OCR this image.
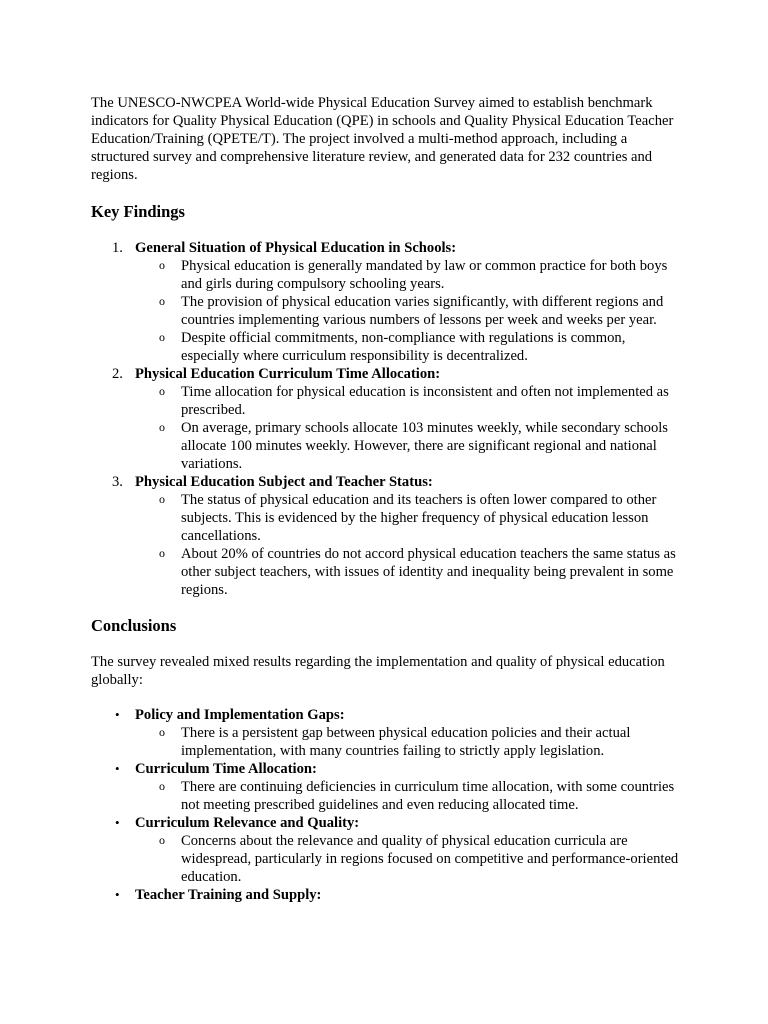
The UNESCO-NWCPEA World-wide Physical Education Survey aimed to establish benchmark indicators for Quality Physical Education (QPE) in schools and Quality Physical Education Teacher Education/Training (QPETE/T). The project involved a multi-method approach, including a structured survey and comprehensive literature review, and generated data for 232 countries and regions.

Key Findings
1. General Situation of Physical Education in Schools:
o Physical education is generally mandated by law or common practice for both boys and girls during compulsory schooling years.
o The provision of physical education varies significantly, with different regions and countries implementing various numbers of lessons per week and weeks per year.
o Despite official commitments, non-compliance with regulations is common, especially where curriculum responsibility is decentralized.
2. Physical Education Curriculum Time Allocation:
o Time allocation for physical education is inconsistent and often not implemented as prescribed.
o On average, primary schools allocate 103 minutes weekly, while secondary schools allocate 100 minutes weekly. However, there are significant regional and national variations.
3. Physical Education Subject and Teacher Status:
o The status of physical education and its teachers is often lower compared to other subjects. This is evidenced by the higher frequency of physical education lesson cancellations.
o About 20% of countries do not accord physical education teachers the same status as other subject teachers, with issues of identity and inequality being prevalent in some regions.
Conclusions

The survey revealed mixed results regarding the implementation and quality of physical education globally:

• Policy and Implementation Gaps:
o There is a persistent gap between physical education policies and their actual implementation, with many countries failing to strictly apply legislation.
• Curriculum Time Allocation:
o There are continuing deficiencies in curriculum time allocation, with some countries not meeting prescribed guidelines and even reducing allocated time.
• Curriculum Relevance and Quality:
o Concerns about the relevance and quality of physical education curricula are widespread, particularly in regions focused on competitive and performance-oriented education.
• Teacher Training and Supply:
